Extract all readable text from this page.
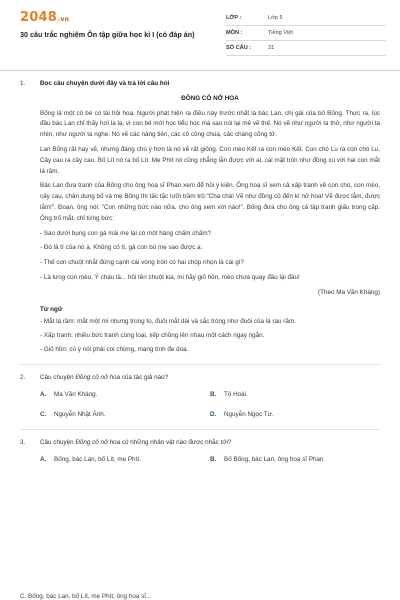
2048.vn
30 câu trắc nghiệm Ôn tập giữa học kì I (có đáp án)
LỚP :	Lớp 5
MÔN :	Tiếng Việt
SỐ CÂU :	31
1. Đọc câu chuyện dưới đây và trả lời câu hỏi
ĐỒNG CỎ NỞ HOA

Bống là một cô bé có tài hội hoạ. Người phát hiện ra điều này trước nhất là bác Lan, chị gái của bố Bống. Thực ra, lúc đầu bác Lan chỉ thấy hơi lạ lạ, vì con bé mới học tiểu học mà sao nói lại mê vẽ thế. Nó vẽ như người ta thở, như người ta nhìn, như người ta nghe. Nó vẽ các nàng tiên, các cô công chúa, các chàng công tử.

Lan Bống rất hay vẽ, nhưng đáng chú ý hơn là nó vẽ rất giống. Con mèo Kết ra con mèo Kết. Con chó Lu ra con chó Lu. Cây cau ra cây cau. Bố Lít nó ra bố Lít. Mẹ Phít nó cũng chẳng lẫn được với ai, cái mặt tròn như đồng xu với hai con mắt lá răm.

Bác Lan đưa tranh của Bống cho ông hoạ sĩ Phan xem để hỏi ý kiến. Ông hoạ sĩ xem cả xấp tranh vẽ con chó, con mèo, cây cau, chân dung bố và mẹ Bống thì tấc tặc lưỡi trầm trồ:"Chà chà! Vẽ như đồng cỏ đến kì nở hoa! Vẽ được lắm, được lắm!". Đoạn, ông nói: "Con những bức nào nữa, cho ông xem với nào!". Bống đưa cho ông cả tập tranh giấu trong cặp. Ông trố mắt, chỉ từng bức:

- Sao dưới bụng con gà mái mẹ lại có một hàng chấm chấm?

- Đó là tí của nó ạ. Không có tí, gà con bú mẹ sao được ạ.

- Thế con chuột nhắt đứng cạnh cái vòng tròn có hai chóp nhọn là cái gì?

- Là lưng con mèo. Ý cháu là... hôi tên chuột kia, mi hãy giỏ hồn, mèo chưa quay đầu lại đâu!

(Theo Ma Văn Kháng)
Từ ngữ
- Mắt lá răm: mắt một mí nhưng trong to, đuôi mắt dài và sắc tròng như đuôi của lá rau răm.
- Xấp tranh: nhiều bức tranh cùng loại, xếp chồng lên nhau một cách ngay ngắn.
- Giỏ hồn: có ý nói phải coi chừng, mang tính đe doạ.
2. Câu chuyện Đồng cỏ nở hoa của tác giả nào?
A.	Ma Văn Kháng.	B.	Tô Hoài.
C.	Nguyễn Nhật Ánh.	D.	Nguyễn Ngọc Tư.
3. Câu chuyện Đồng cỏ nở hoa có những nhân vật nào được nhắc tới?
A.	Bống, bác Lan, bố Lít, mẹ Phít.	B.	Bố Bống, bác Lan, ông hoạ sĩ Phan.
C. Bống, bác Lan, bố Lít, mẹ Phít, ông hoạ sĩ...
